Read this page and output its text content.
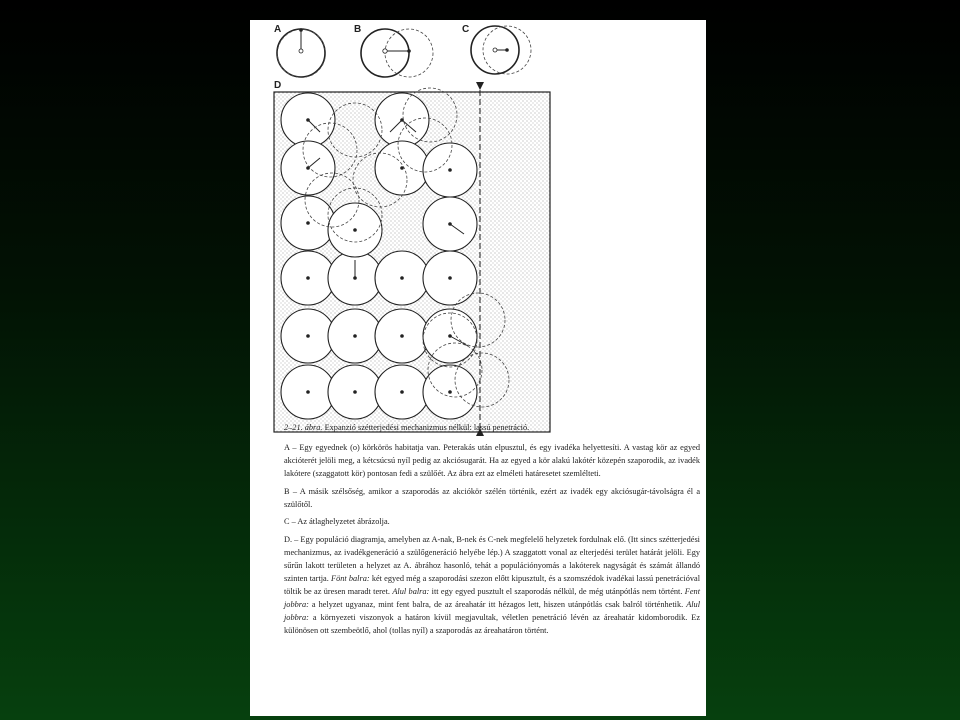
A	B	C
D

2–21. ábra. Expanzió szétterjedési mechanizmus nélkül: lassú penetráció.

A – Egy egyednek (o) körkörös habitatja van. Peterakás után elpusztul, és egy ivadéka helyettesíti. A vastag kör az egyed akcióterét jelöli meg, a kétcsúcsú nyíl pedig az akciósugarát. Ha az egyed a kör alakú lakótér közepén szaporodik, az ivadék lakótere (szaggatott kör) pontosan fedi a szülőét. Az ábra ezt az elméleti határesetet szemlélteti.

B – A másik szélsőség, amikor a szaporodás az akciókör szélén történik, ezért az ivadék egy akciósugár-távolságra él a szülőtől.

C – Az átlaghelyzetet ábrázolja.

D. – Egy populáció diagramja, amelyben az A-nak, B-nek és C-nek megfelelő helyzetek fordulnak elő. (Itt sincs szétterjedési mechanizmus, az ivadékgeneráció a szülőgeneráció helyébe lép.) A szaggatott vonal az elterjedési terület határát jelöli. Egy sűrűn lakott területen a helyzet az A. ábrához hasonló, tehát a populációnyomás a lakóterek nagyságát és számát állandó szinten tartja. Fönt balra: két egyed még a szaporodási szezon előtt kipusztult, és a szomszédok ivadékai lassú penetrációval töltik be az üresen maradt teret. Alul balra: itt egy egyed pusztult el szaporodás nélkül, de még utánpótlás nem történt. Fent jobbra: a helyzet ugyanaz, mint fent balra, de az áreahatár itt hézagos lett, hiszen utánpótlás csak balról történhetik. Alul jobbra: a környezeti viszonyok a határon kívül megjavultak, véletlen penetráció lévén az áreahatár kidomborodik. Ez különösen ott szembeötlő, ahol (tollas nyíl) a szaporodás az áreahatáron történt.
